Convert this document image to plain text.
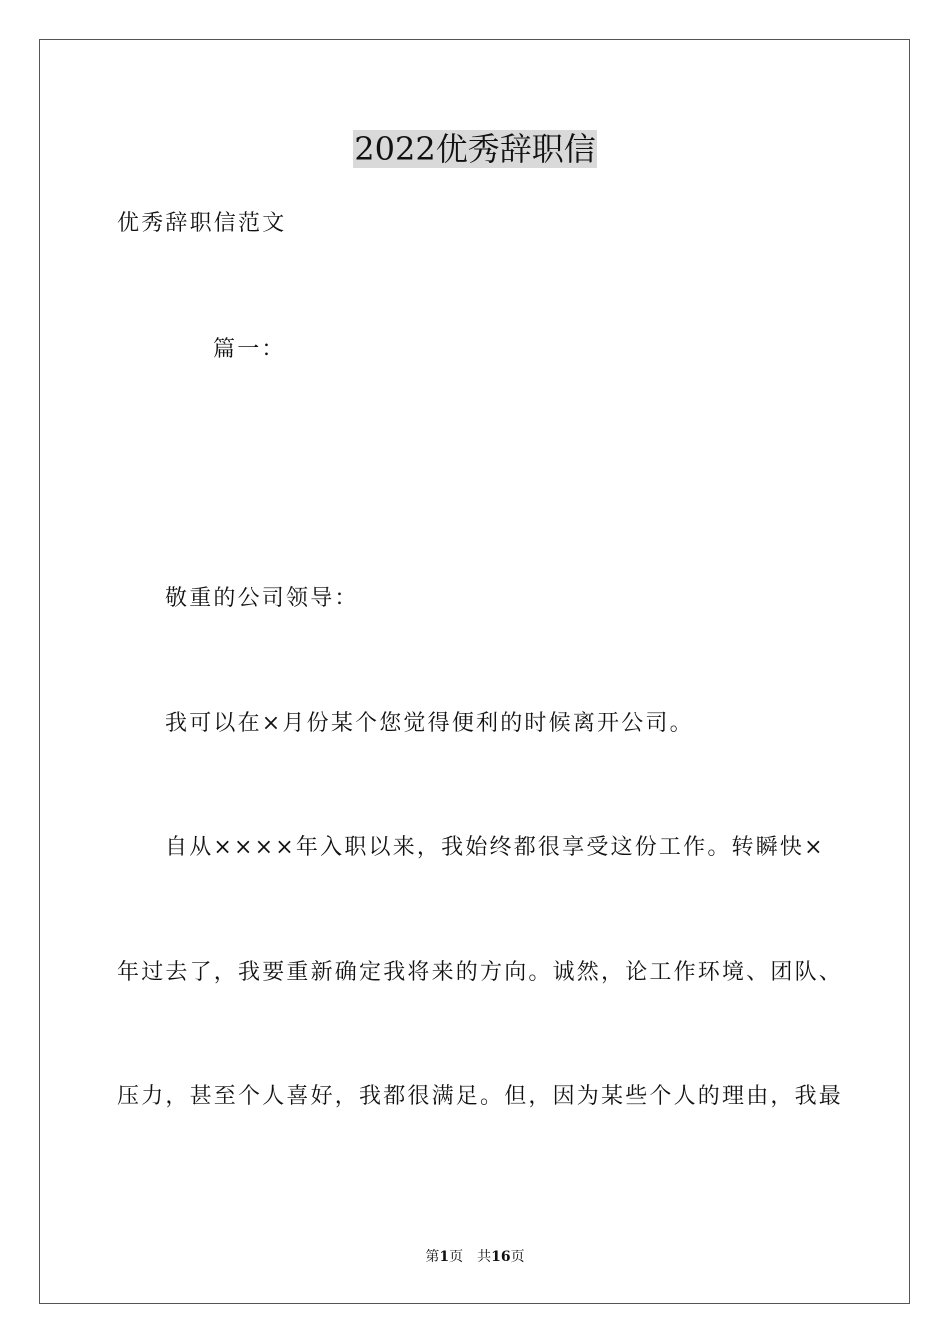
2022优秀辞职信
优秀辞职信范文
篇一：
敬重的公司领导：
我可以在×月份某个您觉得便利的时候离开公司。
自从××××年入职以来，我始终都很享受这份工作。转瞬快×
年过去了，我要重新确定我将来的方向。诚然，论工作环境、团队、
压力，甚至个人喜好，我都很满足。但，因为某些个人的理由，我最
第1页 共16页
